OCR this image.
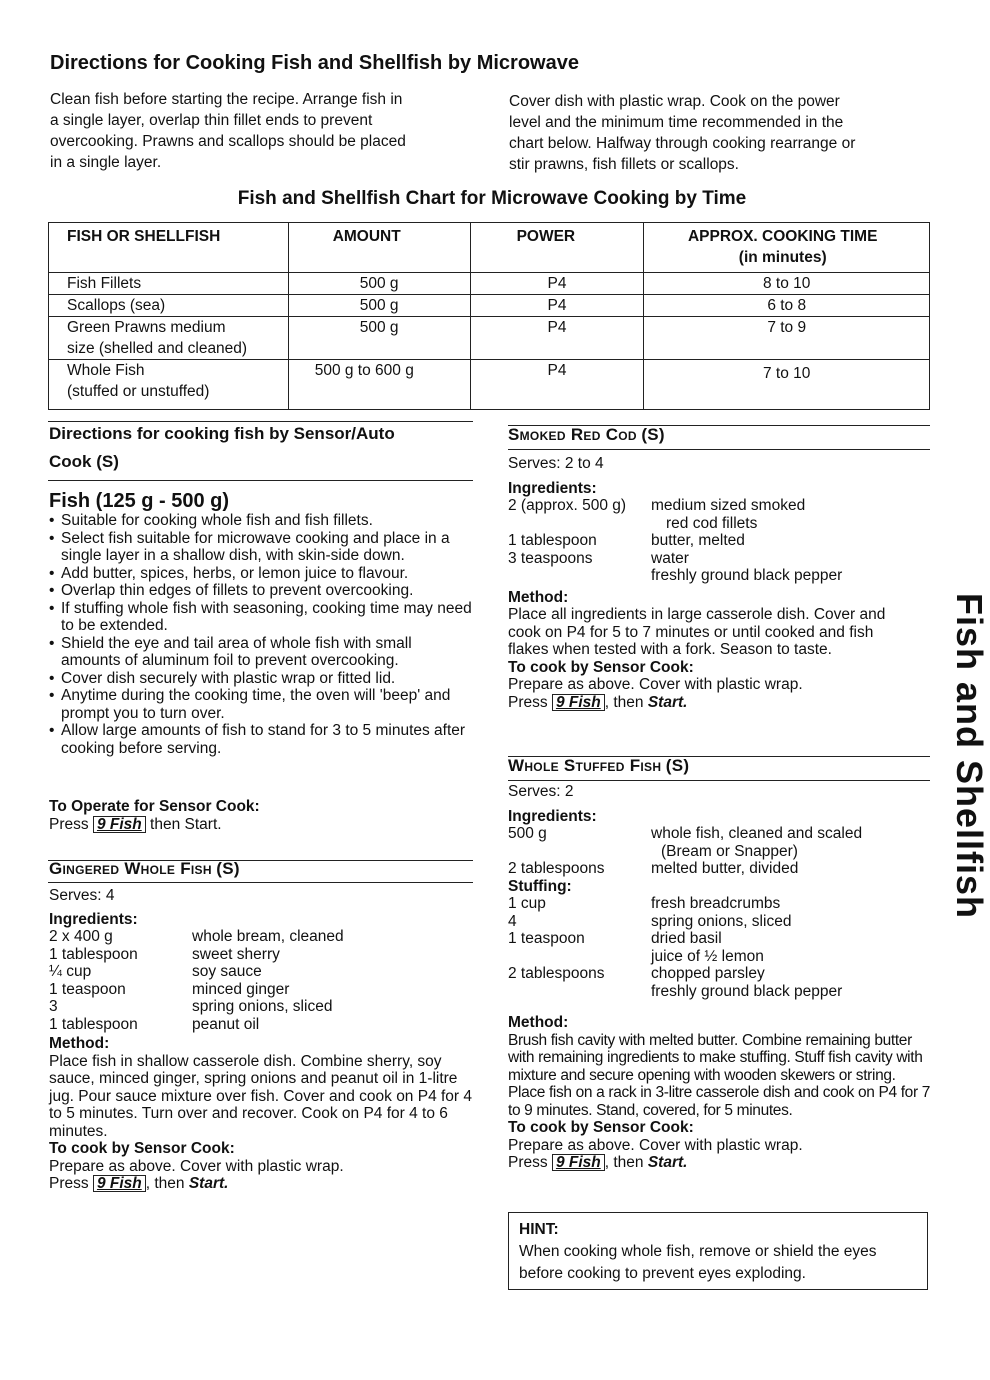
Directions for Cooking Fish and Shellfish by Microwave

Clean fish before starting the recipe. Arrange fish in

a single layer, overlap thin fillet ends to prevent

overcooking. Prawns and scallops should be placed

in a single layer.

Cover dish with plastic wrap. Cook on the power

level and the minimum time recommended in the

chart below. Halfway through cooking rearrange or

stir prawns, fish fillets or scallops.

Fish and Shellfish Chart for Microwave Cooking by Time
FISH OR SHELLFISH	AMOUNT	POWER	APPROX. COOKING TIME
(in minutes)
Fish Fillets	500 g	P4	8 to 10
Scallops (sea)	500 g	P4	6 to 8
Green Prawns medium
size (shelled and cleaned)	500 g	P4	7 to 9
Whole Fish
(stuffed or unstuffed)	500 g to 600 g	P4	7 to 10
Directions for cooking fish by Sensor/Auto
Cook (S)
Fish (125 g - 500 g)
• Suitable for cooking whole fish and fish fillets.
• Select fish suitable for microwave cooking and place in a single layer in a shallow dish, with skin-side down.
• Add butter, spices, herbs, or lemon juice to flavour.
• Overlap thin edges of fillets to prevent overcooking.
• If stuffing whole fish with seasoning, cooking time may need to be extended.
• Shield the eye and tail area of whole fish with small amounts of aluminum foil to prevent overcooking.
• Cover dish securely with plastic wrap or fitted lid.
• Anytime during the cooking time, the oven will 'beep' and prompt you to turn over.
• Allow large amounts of fish to stand for 3 to 5 minutes after cooking before serving.

To Operate for Sensor Cook:

Press 9 Fish then Start.

Gingered Whole Fish (S)

Serves: 4

Ingredients:

2 x 400 g	whole bream, cleaned
1 tablespoon	sweet sherry
¼ cup	soy sauce
1 teaspoon	minced ginger
3	spring onions, sliced
1 tablespoon	peanut oil

Method:

Place fish in shallow casserole dish. Combine sherry, soy sauce, minced ginger, spring onions and peanut oil in 1-litre jug. Pour sauce mixture over fish. Cover and cook on P4 for 4 to 5 minutes. Turn over and recover. Cook on P4 for 4 to 6 minutes.

To cook by Sensor Cook:

Prepare as above. Cover with plastic wrap.

Press 9 Fish , then Start.

Smoked Red Cod (S)

Serves: 2 to 4

Ingredients:

2 (approx. 500 g)	medium sized smoked
red cod fillets
1 tablespoon	butter, melted
3 teaspoons	water
freshly ground black pepper

Method:

Place all ingredients in large casserole dish. Cover and cook on P4 for 5 to 7 minutes or until cooked and fish flakes when tested with a fork. Season to taste.

To cook by Sensor Cook:

Prepare as above. Cover with plastic wrap.

Press 9 Fish , then Start.

Whole Stuffed Fish (S)

Serves: 2

Ingredients:

500 g	whole fish, cleaned and scaled
(Bream or Snapper)
2 tablespoons	melted butter, divided

Stuffing:

1 cup	fresh breadcrumbs
4	spring onions, sliced
1 teaspoon	dried basil
juice of ½ lemon
2 tablespoons	chopped parsley
freshly ground black pepper

Method:

Brush fish cavity with melted butter. Combine remaining butter with remaining ingredients to make stuffing. Stuff fish cavity with mixture and secure opening with wooden skewers or string. Place fish on a rack in 3-litre casserole dish and cook on P4 for 7 to 9 minutes. Stand, covered, for 5 minutes.

To cook by Sensor Cook:

Prepare as above. Cover with plastic wrap.

Press 9 Fish , then Start.

HINT:
When cooking whole fish, remove or shield the eyes before cooking to prevent eyes exploding.
Fish and Shellfish
